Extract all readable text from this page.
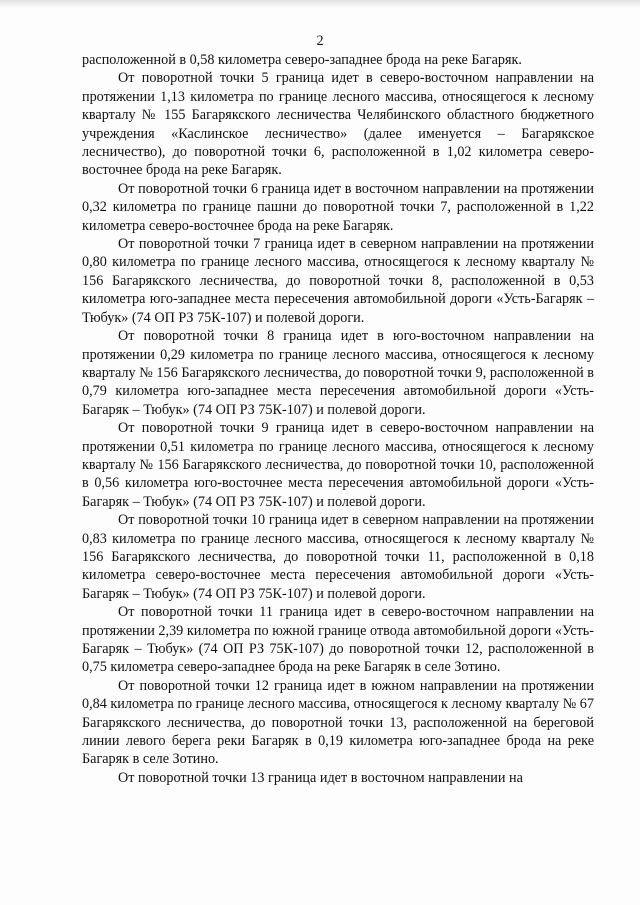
2

расположенной в 0,58 километра северо-западнее брода на реке Багаряк.

От поворотной точки 5 граница идет в северо-восточном направлении на протяжении 1,13 километра по границе лесного массива, относящегося к лесному кварталу № 155 Багарякского лесничества Челябинского областного бюджетного учреждения «Каслинское лесничество» (далее именуется – Багарякское лесничество), до поворотной точки 6, расположенной в 1,02 километра северо-восточнее брода на реке Багаряк.

От поворотной точки 6 граница идет в восточном направлении на протяжении 0,32 километра по границе пашни до поворотной точки 7, расположенной в 1,22 километра северо-восточнее брода на реке Багаряк.

От поворотной точки 7 граница идет в северном направлении на протяжении 0,80 километра по границе лесного массива, относящегося к лесному кварталу № 156 Багарякского лесничества, до поворотной точки 8, расположенной в 0,53 километра юго-западнее места пересечения автомобильной дороги «Усть-Багаряк – Тюбук» (74 ОП РЗ 75К-107) и полевой дороги.

От поворотной точки 8 граница идет в юго-восточном направлении на протяжении 0,29 километра по границе лесного массива, относящегося к лесному кварталу № 156 Багарякского лесничества, до поворотной точки 9, расположенной в 0,79 километра юго-западнее места пересечения автомобильной дороги «Усть-Багаряк – Тюбук» (74 ОП РЗ 75К-107) и полевой дороги.

От поворотной точки 9 граница идет в северо-восточном направлении на протяжении 0,51 километра по границе лесного массива, относящегося к лесному кварталу № 156 Багарякского лесничества, до поворотной точки 10, расположенной в 0,56 километра юго-восточнее места пересечения автомобильной дороги «Усть-Багаряк – Тюбук» (74 ОП РЗ 75К-107) и полевой дороги.

От поворотной точки 10 граница идет в северном направлении на протяжении 0,83 километра по границе лесного массива, относящегося к лесному кварталу № 156 Багарякского лесничества, до поворотной точки 11, расположенной в 0,18 километра северо-восточнее места пересечения автомобильной дороги «Усть-Багаряк – Тюбук» (74 ОП РЗ 75К-107) и полевой дороги.

От поворотной точки 11 граница идет в северо-восточном направлении на протяжении 2,39 километра по южной границе отвода автомобильной дороги «Усть-Багаряк – Тюбук» (74 ОП РЗ 75К-107) до поворотной точки 12, расположенной в 0,75 километра северо-западнее брода на реке Багаряк в селе Зотино.

От поворотной точки 12 граница идет в южном направлении на протяжении 0,84 километра по границе лесного массива, относящегося к лесному кварталу № 67 Багарякского лесничества, до поворотной точки 13, расположенной на береговой линии левого берега реки Багаряк в 0,19 километра юго-западнее брода на реке Багаряк в селе Зотино.

От поворотной точки 13 граница идет в восточном направлении на
